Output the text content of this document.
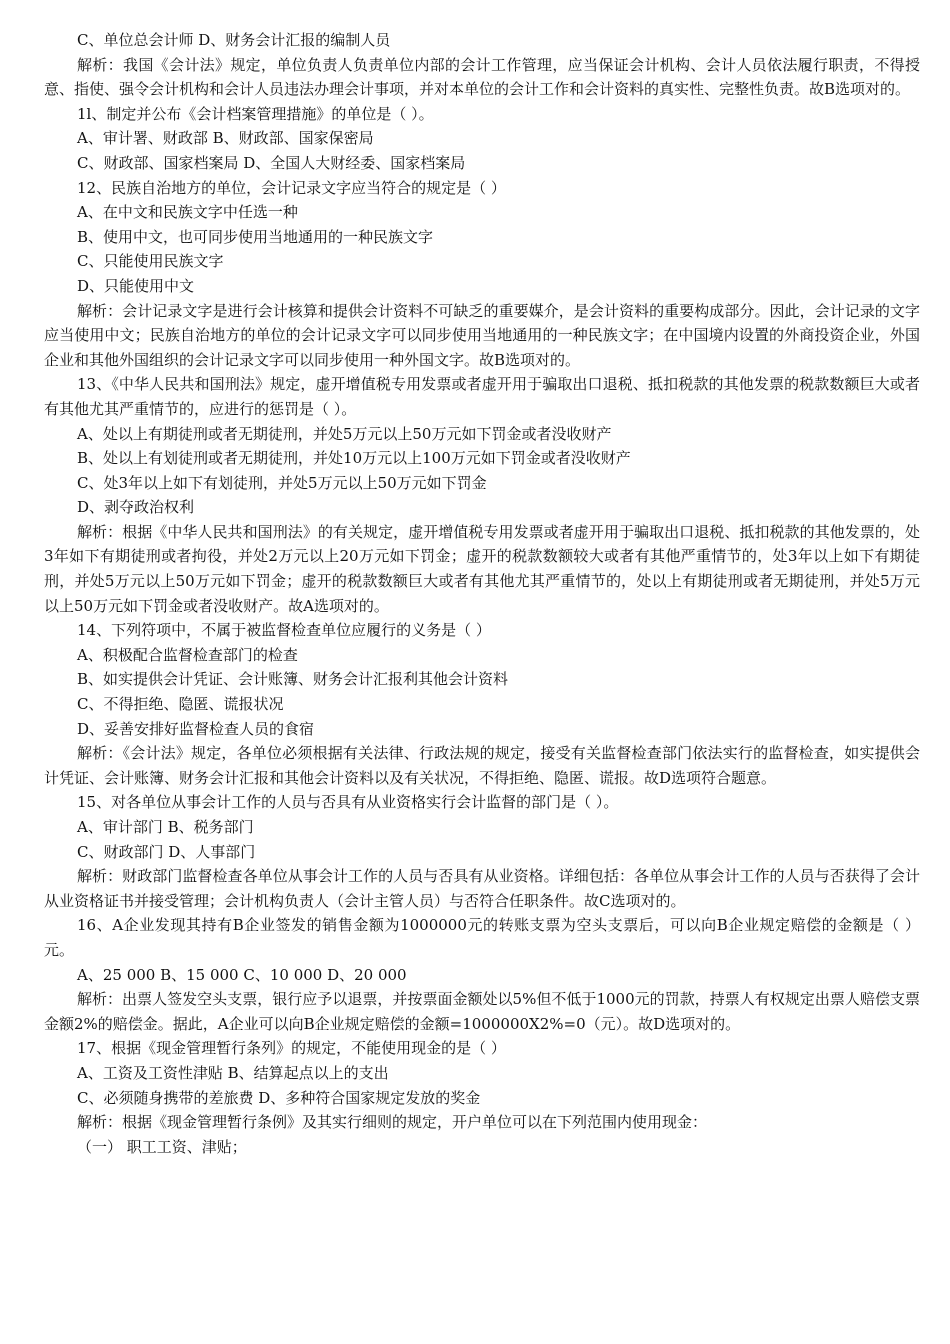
C、单位总会计师 D、财务会计汇报的编制人员

解析：我国《会计法》规定，单位负责人负责单位内部的会计工作管理，应当保证会计机构、会计人员依法履行职责，不得授意、指使、强令会计机构和会计人员违法办理会计事项，并对本单位的会计工作和会计资料的真实性、完整性负责。故B选项对的。

1l、制定并公布《会计档案管理措施》的单位是（ ）。

A、审计署、财政部 B、财政部、国家保密局

C、财政部、国家档案局 D、全国人大财经委、国家档案局

12、民族自治地方的单位，会计记录文字应当符合的规定是（ ）

A、在中文和民族文字中任选一种

B、使用中文，也可同步使用当地通用的一种民族文字

C、只能使用民族文字

D、只能使用中文

解析：会计记录文字是进行会计核算和提供会计资料不可缺乏的重要媒介，是会计资料的重要构成部分。因此，会计记录的文字应当使用中文；民族自治地方的单位的会计记录文字可以同步使用当地通用的一种民族文字；在中国境内设置的外商投资企业，外国企业和其他外国组织的会计记录文字可以同步使用一种外国文字。故B选项对的。

13、《中华人民共和国刑法》规定，虚开增值税专用发票或者虚开用于骗取出口退税、抵扣税款的其他发票的税款数额巨大或者有其他尤其严重情节的，应进行的惩罚是（ ）。

A、处以上有期徒刑或者无期徒刑，并处5万元以上50万元如下罚金或者没收财产

B、处以上有划徒刑或者无期徒刑，并处10万元以上100万元如下罚金或者没收财产

C、处3年以上如下有划徒刑，并处5万元以上50万元如下罚金

D、剥夺政治权利

解析：根据《中华人民共和国刑法》的有关规定，虚开增值税专用发票或者虚开用于骗取出口退税、抵扣税款的其他发票的，处3年如下有期徒刑或者拘役，并处2万元以上20万元如下罚金；虚开的税款数额较大或者有其他严重情节的，处3年以上如下有期徒刑，并处5万元以上50万元如下罚金；虚开的税款数额巨大或者有其他尤其严重情节的，处以上有期徒刑或者无期徒刑，并处5万元以上50万元如下罚金或者没收财产。故A选项对的。

14、下列符项中，不属于被监督检查单位应履行的义务是（ ）

A、积极配合监督检查部门的检查

B、如实提供会计凭证、会计账簿、财务会计汇报利其他会计资料

C、不得拒绝、隐匿、谎报状况

D、妥善安排好监督检查人员的食宿

解析：《会计法》规定，各单位必须根据有关法律、行政法规的规定，接受有关监督检查部门依法实行的监督检查，如实提供会计凭证、会计账簿、财务会计汇报和其他会计资料以及有关状况，不得拒绝、隐匿、谎报。故D选项符合题意。

15、对各单位从事会计工作的人员与否具有从业资格实行会计监督的部门是（ ）。

A、审计部门 B、税务部门

C、财政部门 D、人事部门

解析：财政部门监督检查各单位从事会计工作的人员与否具有从业资格。详细包括：各单位从事会计工作的人员与否获得了会计从业资格证书并接受管理；会计机构负责人（会计主管人员）与否符合任职条件。故C选项对的。

16、A企业发现其持有B企业签发的销售金额为1000000元的转账支票为空头支票后，可以向B企业规定赔偿的金额是（ ）元。

A、25 000 B、15 000 C、10 000 D、20 000

解析：出票人签发空头支票，银行应予以退票，并按票面金额处以5%但不低于1000元的罚款，持票人有权规定出票人赔偿支票金额2%的赔偿金。据此，A企业可以向B企业规定赔偿的金额=1000000X2%=0（元）。故D选项对的。

17、根据《现金管理暂行条列》的规定，不能使用现金的是（ ）

A、工资及工资性津贴 B、结算起点以上的支出

C、必须随身携带的差旅费 D、多种符合国家规定发放的奖金

解析：根据《现金管理暂行条例》及其实行细则的规定，开户单位可以在下列范围内使用现金：

（一） 职工工资、津贴；
